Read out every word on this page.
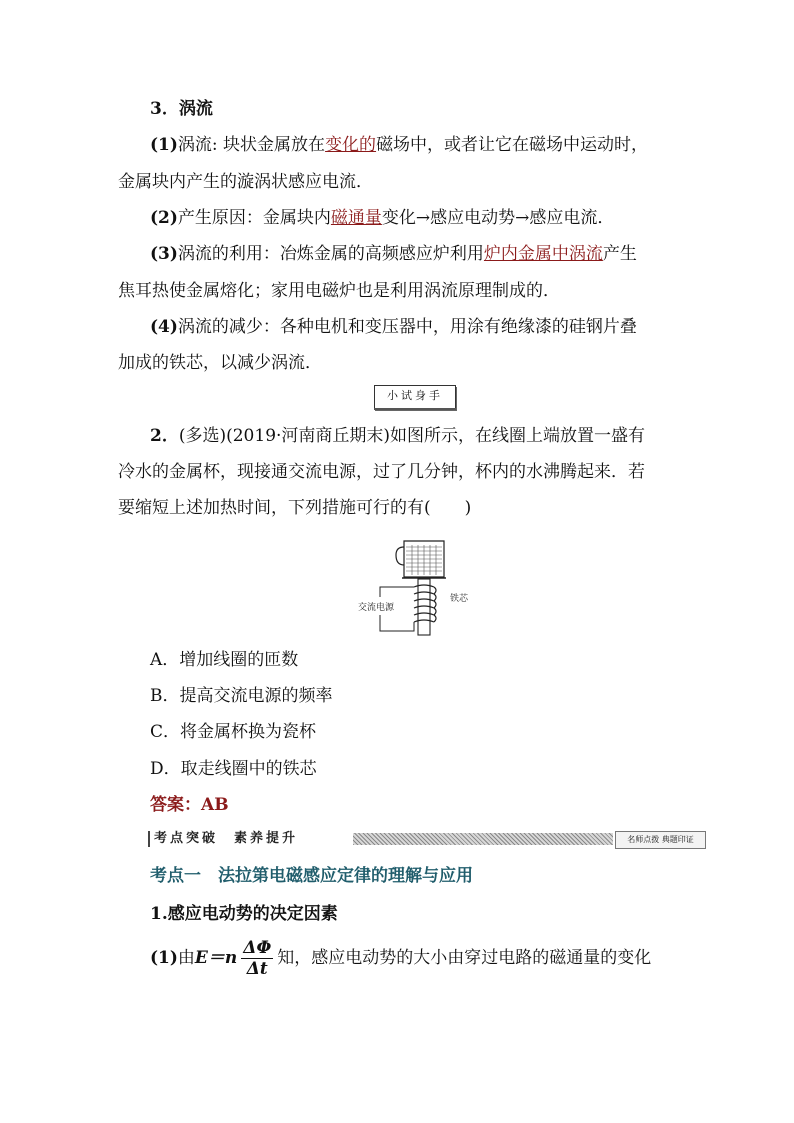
3．涡流
(1)涡流: 块状金属放在变化的磁场中，或者让它在磁场中运动时，
金属块内产生的漩涡状感应电流．
(2)产生原因：金属块内磁通量变化→感应电动势→感应电流．
(3)涡流的利用：冶炼金属的高频感应炉利用炉内金属中涡流产生
焦耳热使金属熔化；家用电磁炉也是利用涡流原理制成的．
(4)涡流的减少：各种电机和变压器中，用涂有绝缘漆的硅钢片叠
加成的铁芯，以减少涡流．
小试身手
2．(多选)(2019·河南商丘期末)如图所示，在线圈上端放置一盛有
冷水的金属杯，现接通交流电源，过了几分钟，杯内的水沸腾起来．若
要缩短上述加热时间，下列措施可行的有(　　)
交流电源
铁芯
A．增加线圈的匝数
B．提高交流电源的频率
C．将金属杯换为瓷杯
D．取走线圈中的铁芯
答案：AB
考点突破　素养提升	名师点拨 典题印证
考点一　法拉第电磁感应定律的理解与应用
1.感应电动势的决定因素
(1)由$E=n \frac{\Delta\Phi}{\Delta t}$ 知，感应电动势的大小由穿过电路的磁通量的变化
